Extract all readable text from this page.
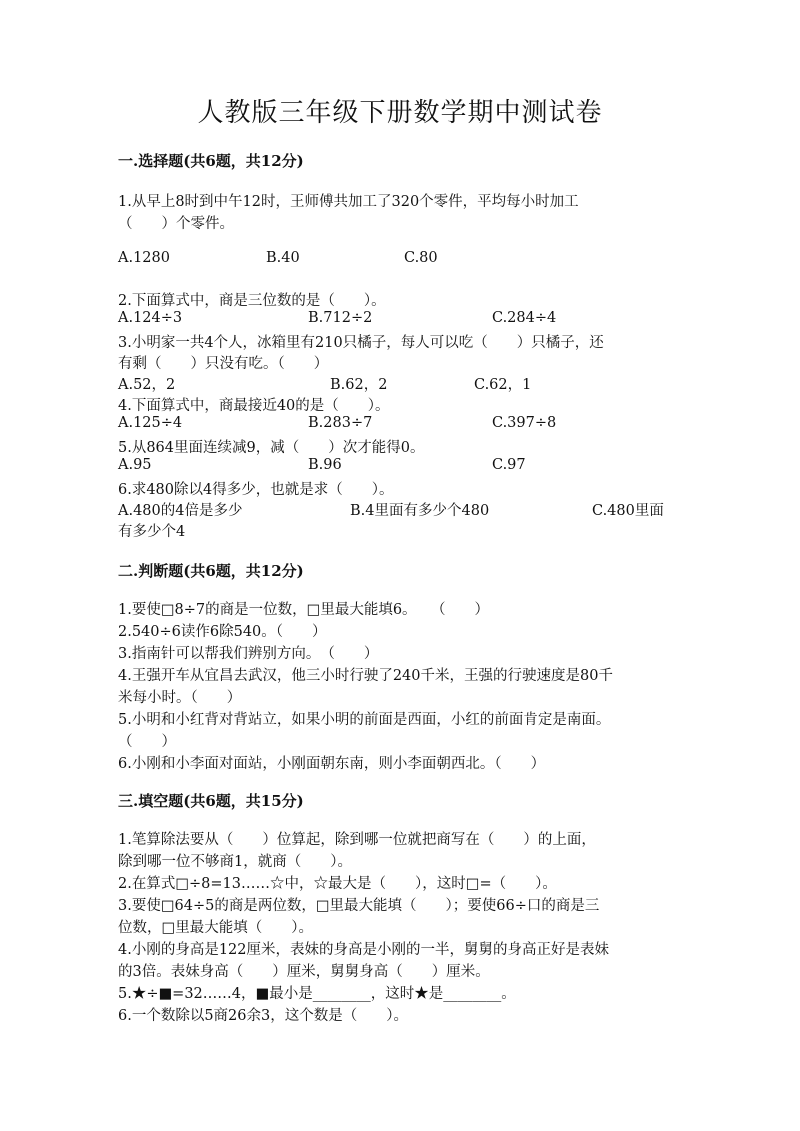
人教版三年级下册数学期中测试卷
一.选择题(共6题，共12分)
1.从早上8时到中午12时，王师傅共加工了320个零件，平均每小时加工
（　　）个零件。
A.1280	B.40	C.80
2.下面算式中，商是三位数的是（　　）。
A.124÷3	B.712÷2	C.284÷4
3.小明家一共4个人，冰箱里有210只橘子，每人可以吃（　　）只橘子，还
有剩（　　）只没有吃。（　　）
A.52，2	B.62，2	C.62，1
4.下面算式中，商最接近40的是（　　）。
A.125÷4	B.283÷7	C.397÷8
5.从864里面连续减9，减（　　）次才能得0。
A.95	B.96	C.97
6.求480除以4得多少，也就是求（　　）。
A.480的4倍是多少	B.4里面有多少个480	C.480里面
有多少个4
二.判断题(共6题，共12分)
1.要使□8÷7的商是一位数，□里最大能填6。　　（　　）
2.540÷6读作6除540。（　　）
3.指南针可以帮我们辨别方向。　（　　）
4.王强开车从宜昌去武汉，他三小时行驶了240千米，王强的行驶速度是80千
米每小时。（　　）
5.小明和小红背对背站立，如果小明的前面是西面，小红的前面肯定是南面。
（　　）
6.小刚和小李面对面站，小刚面朝东南，则小李面朝西北。（　　）
三.填空题(共6题，共15分)
1.笔算除法要从（　　）位算起，除到哪一位就把商写在（　　）的上面，
除到哪一位不够商1，就商（　　）。
2.在算式□÷8=13……☆中，☆最大是（　　），这时□=（　　）。
3.要使□64÷5的商是两位数，□里最大能填（　　）；要使66÷口的商是三
位数，□里最大能填（　　）。
4.小刚的身高是122厘米，表妹的身高是小刚的一半，舅舅的身高正好是表妹
的3倍。表妹身高（　　）厘米，舅舅身高（　　）厘米。
5.★÷■=32……4，■最小是________，这时★是________。
6.一个数除以5商26余3，这个数是（　　）。
